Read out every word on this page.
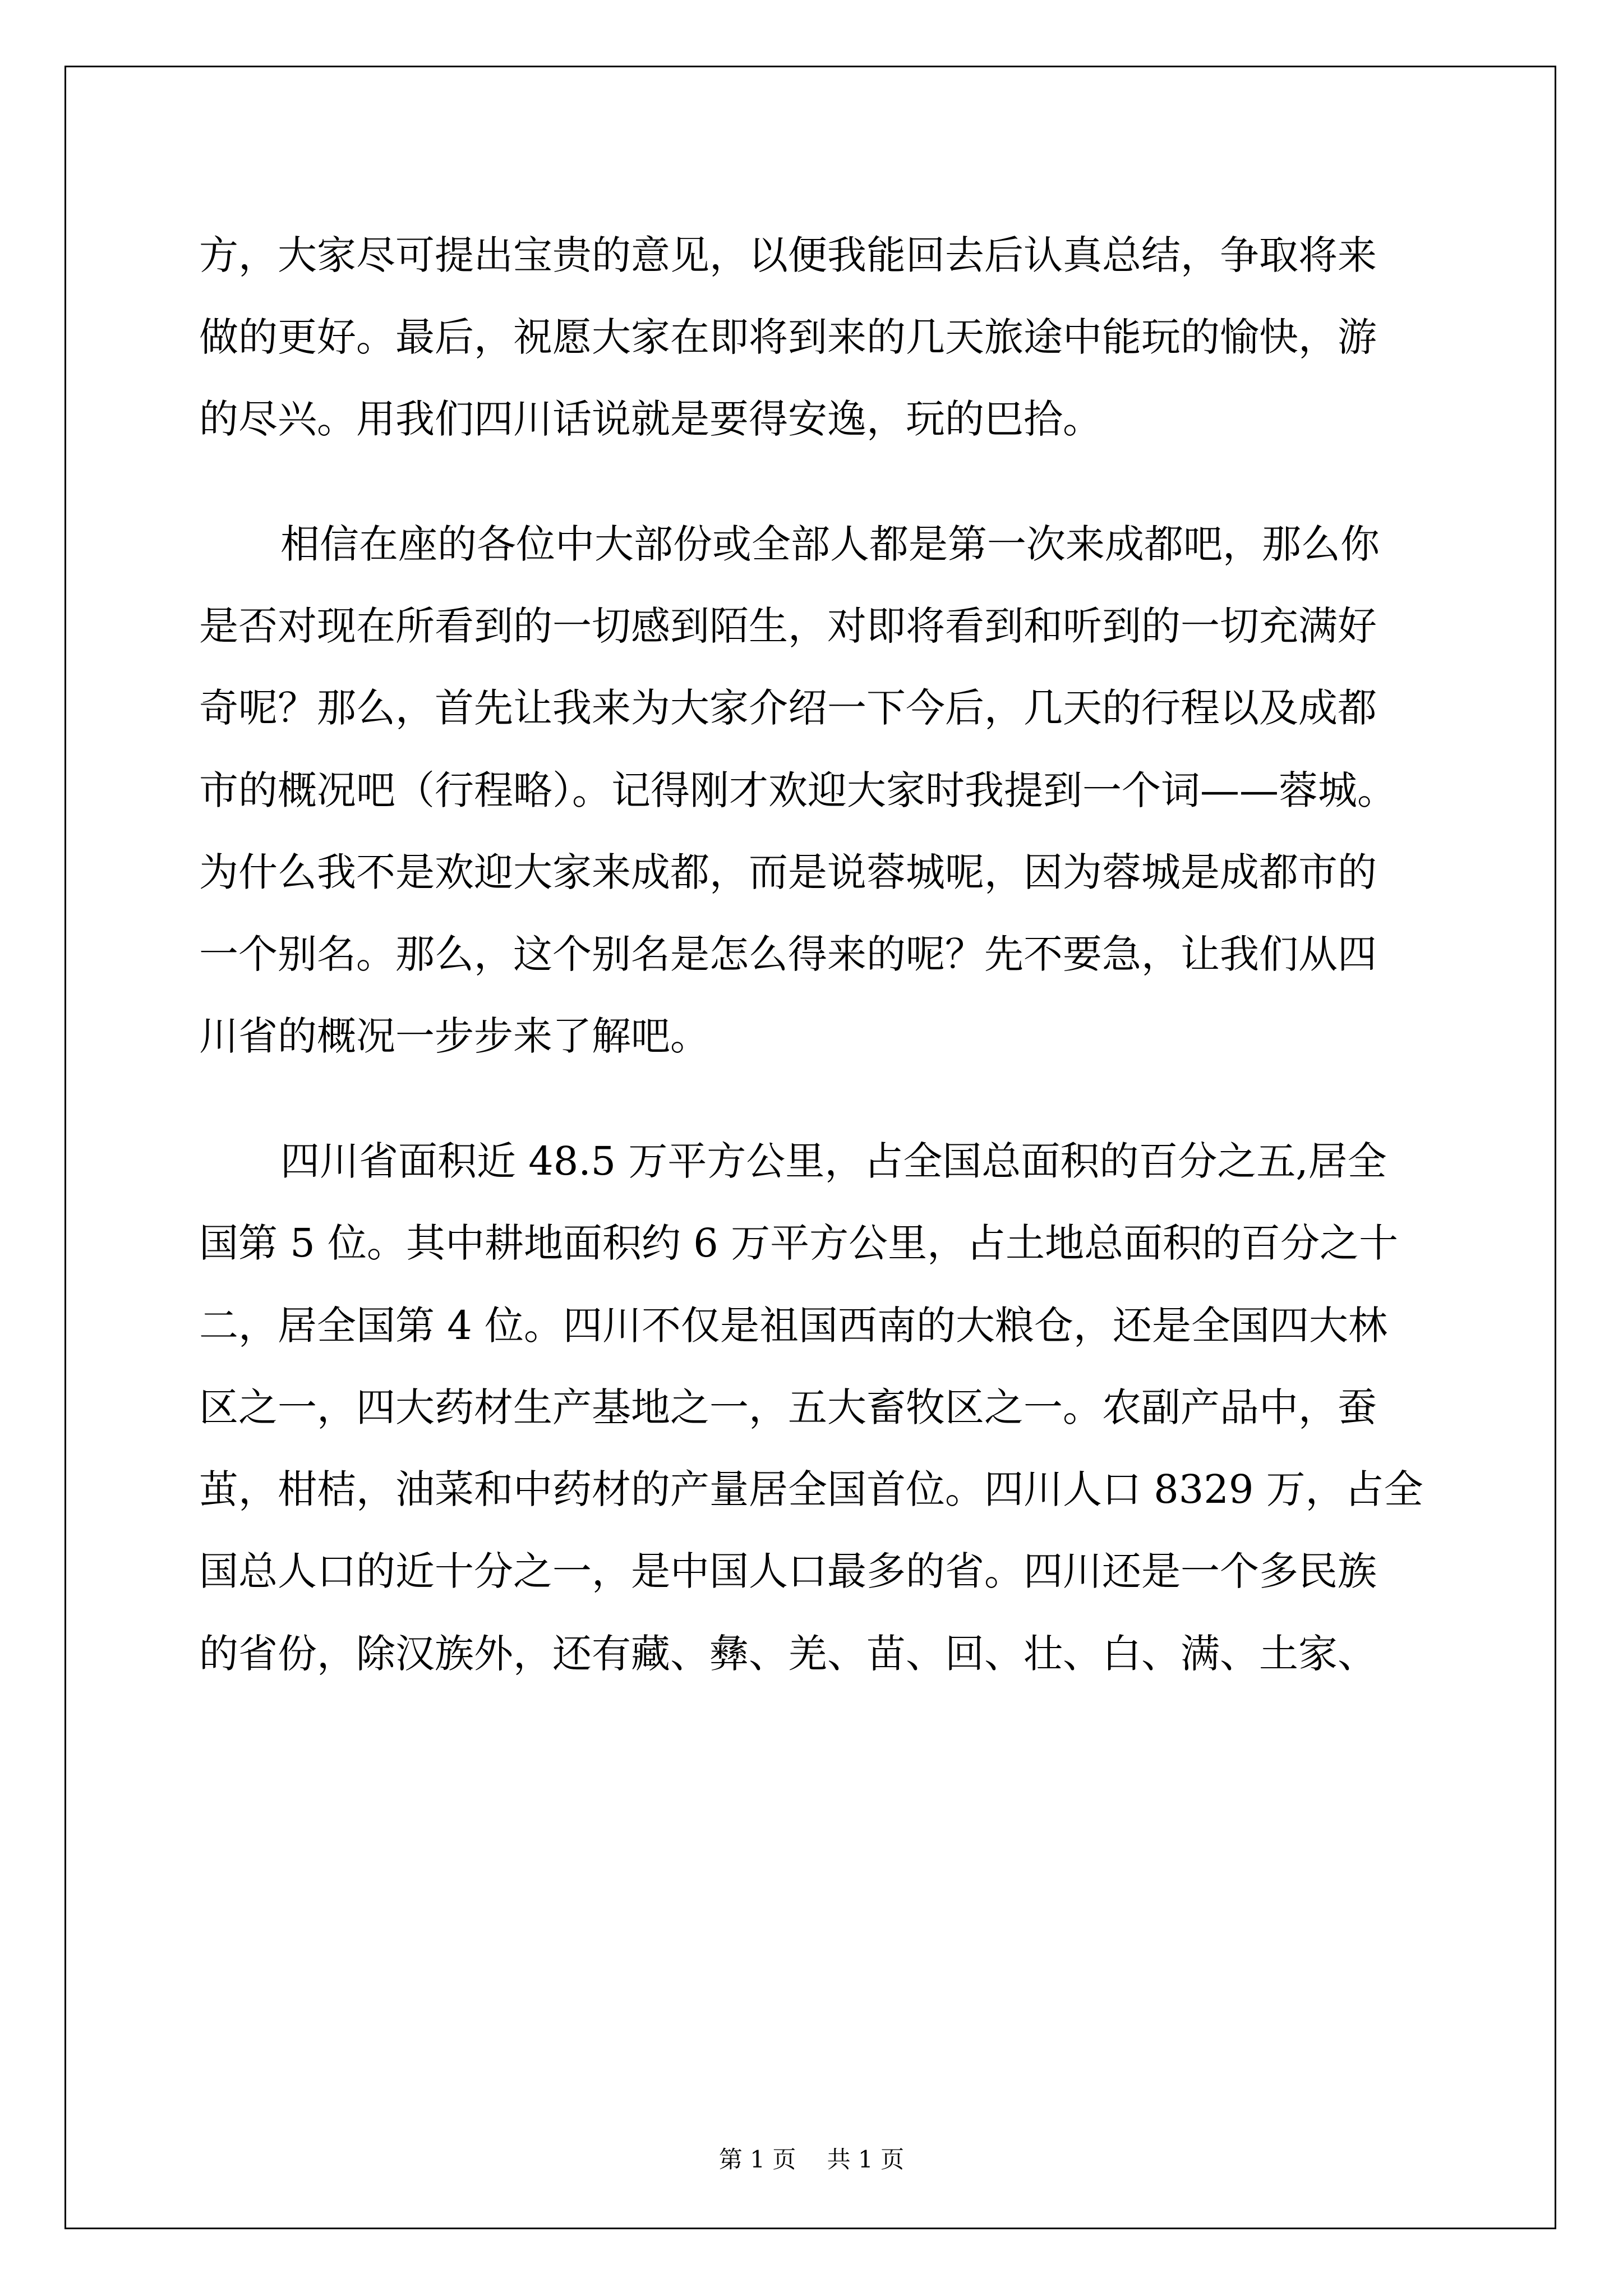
方，大家尽可提出宝贵的意见，以便我能回去后认真总结，争取将来
做的更好。最后，祝愿大家在即将到来的几天旅途中能玩的愉快，游
的尽兴。用我们四川话说就是要得安逸，玩的巴拾。
相信在座的各位中大部份或全部人都是第一次来成都吧，那么你
是否对现在所看到的一切感到陌生，对即将看到和听到的一切充满好
奇呢？那么，首先让我来为大家介绍一下今后，几天的行程以及成都
市的概况吧（行程略）。记得刚才欢迎大家时我提到一个词——蓉城。
为什么我不是欢迎大家来成都，而是说蓉城呢，因为蓉城是成都市的
一个别名。那么，这个别名是怎么得来的呢？先不要急，让我们从四
川省的概况一步步来了解吧。
四川省面积近 48.5 万平方公里，占全国总面积的百分之五,居全
国第 5 位。其中耕地面积约 6 万平方公里，占土地总面积的百分之十
二，居全国第 4 位。四川不仅是祖国西南的大粮仓，还是全国四大林
区之一，四大药材生产基地之一，五大畜牧区之一。农副产品中，蚕
茧，柑桔，油菜和中药材的产量居全国首位。四川人口 8329 万，占全
国总人口的近十分之一，是中国人口最多的省。四川还是一个多民族
的省份，除汉族外，还有藏、彝、羌、苗、回、壮、白、满、土家、
第 1 页　 共 1 页
